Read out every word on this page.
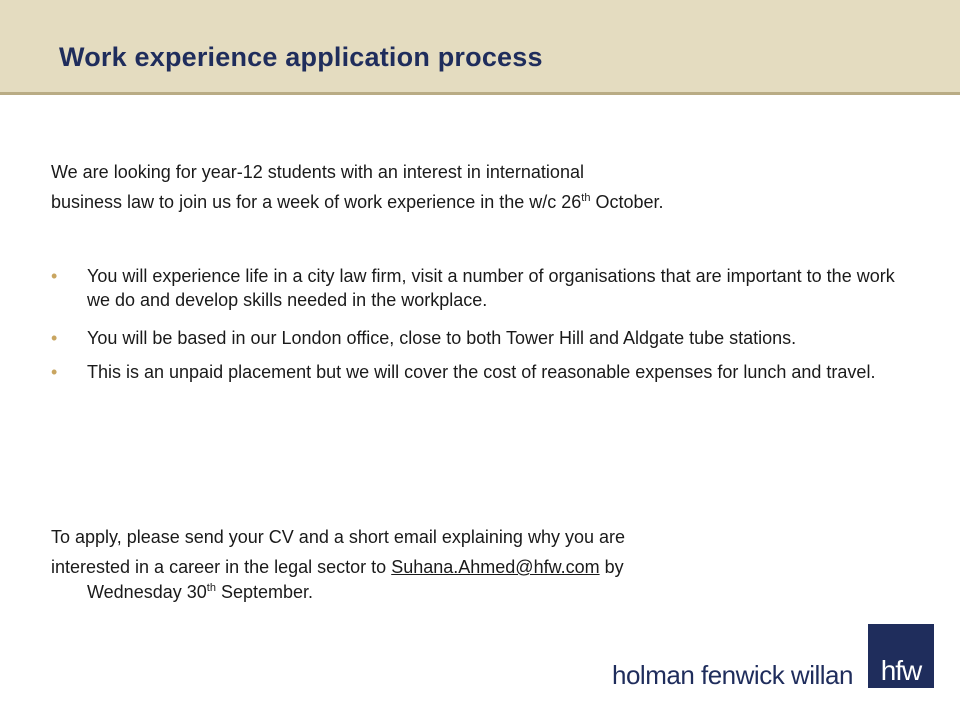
Work experience application process

We are looking for year-12 students with an interest in international
business law to join us for a week of work experience in the w/c 26th October.

• You will experience life in a city law firm, visit a number of organisations that are important to the work we do and develop skills needed in the workplace.
• You will be based in our London office, close to both Tower Hill and Aldgate tube stations.
• This is an unpaid placement but we will cover the cost of reasonable expenses for lunch and travel.

To apply, please send your CV and a short email explaining why you are
interested in a career in the legal sector to Suhana.Ahmed@hfw.com by
Wednesday 30th September.

holman fenwick willan hfw
